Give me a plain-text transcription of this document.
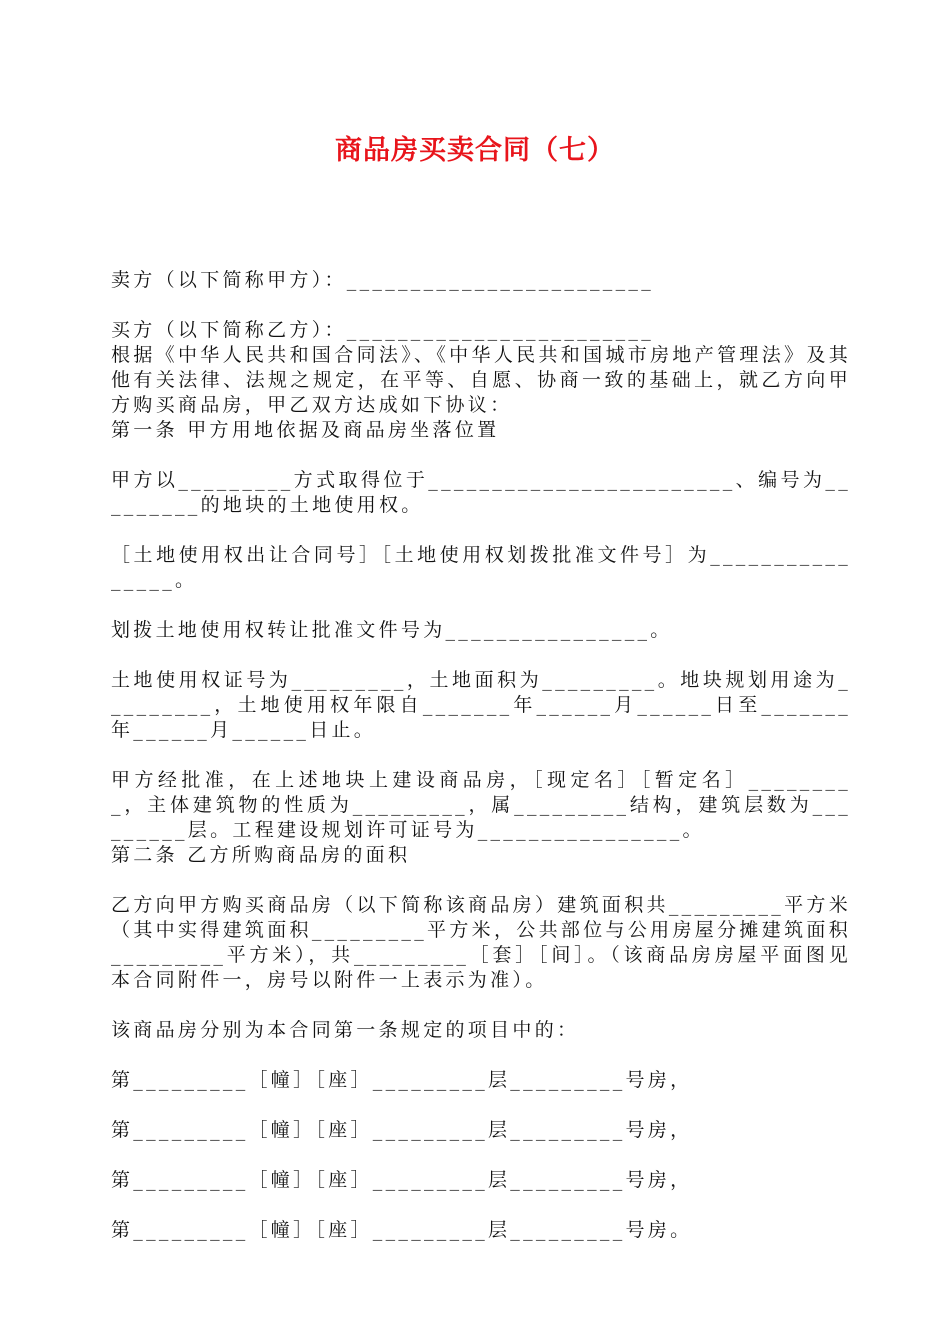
商品房买卖合同（七）

卖方（以下简称甲方）：________________________

买方（以下简称乙方）：________________________

根据《中华人民共和国合同法》、《中华人民共和国城市房地产管理法》及其他有关法律、法规之规定，在平等、自愿、协商一致的基础上，就乙方向甲方购买商品房，甲乙双方达成如下协议：

第一条 甲方用地依据及商品房坐落位置

甲方以_________方式取得位于________________________、编号为_________的地块的土地使用权。

［土地使用权出让合同号］［土地使用权划拨批准文件号］为________________。

划拨土地使用权转让批准文件号为________________。

土地使用权证号为_________，土地面积为_________。地块规划用途为_________，土地使用权年限自_______年______月______日至_______年______月______日止。

甲方经批准，在上述地块上建设商品房，［现定名］［暂定名］_________，主体建筑物的性质为_________，属_________结构，建筑层数为_________层。工程建设规划许可证号为________________。

第二条 乙方所购商品房的面积

乙方向甲方购买商品房（以下简称该商品房）建筑面积共_________平方米（其中实得建筑面积_________平方米，公共部位与公用房屋分摊建筑面积_________平方米），共_________［套］［间］。（该商品房房屋平面图见本合同附件一，房号以附件一上表示为准）。

该商品房分别为本合同第一条规定的项目中的：

第_________［幢］［座］_________层_________号房，

第_________［幢］［座］_________层_________号房，

第_________［幢］［座］_________层_________号房，

第_________［幢］［座］_________层_________号房。
